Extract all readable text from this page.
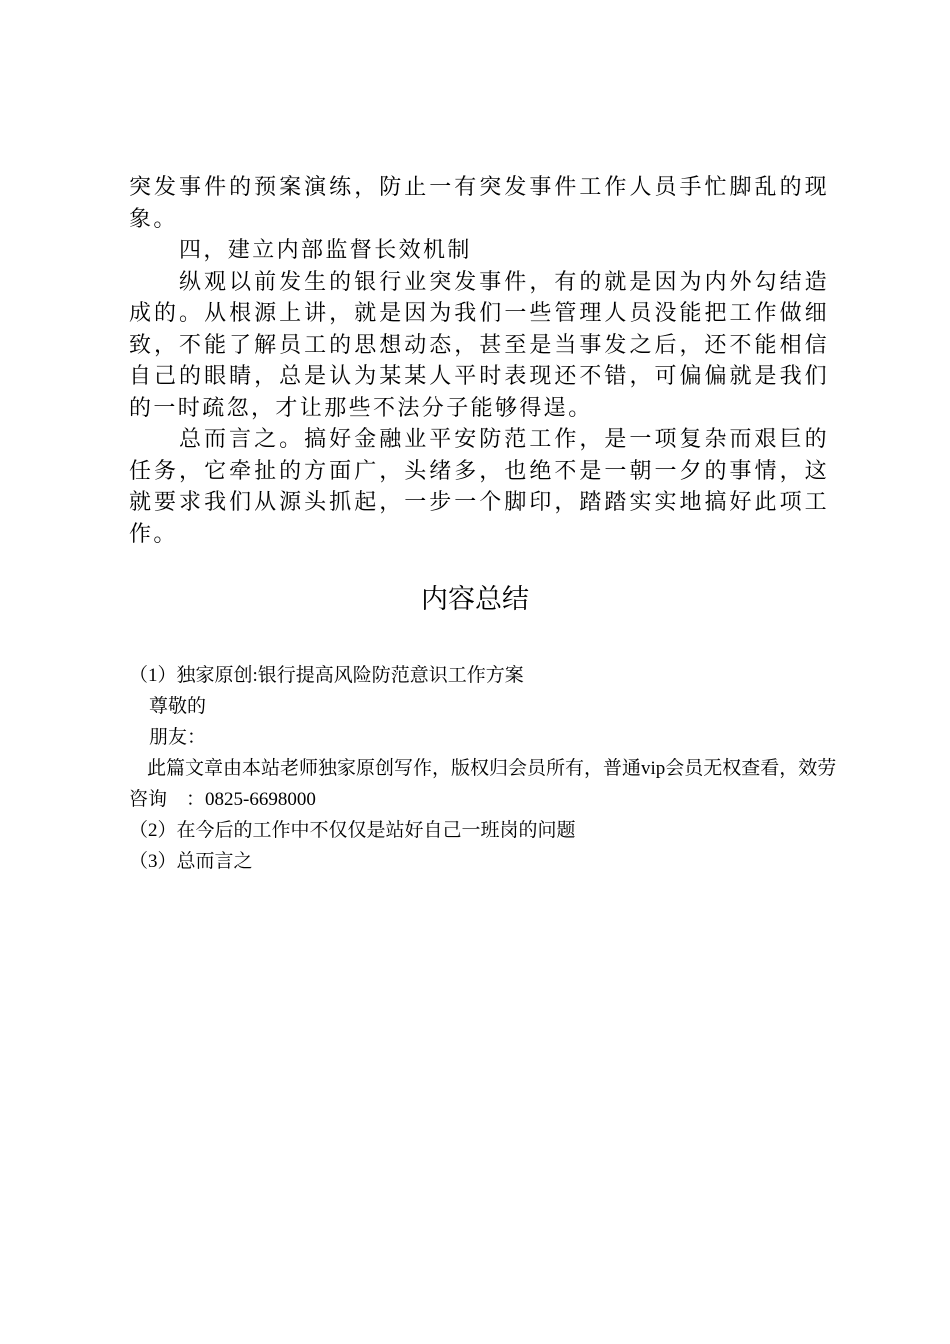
突发事件的预案演练，防止一有突发事件工作人员手忙脚乱的现象。

四，建立内部监督长效机制

纵观以前发生的银行业突发事件，有的就是因为内外勾结造成的。从根源上讲，就是因为我们一些管理人员没能把工作做细致，不能了解员工的思想动态，甚至是当事发之后，还不能相信自己的眼睛，总是认为某某人平时表现还不错，可偏偏就是我们的一时疏忽，才让那些不法分子能够得逞。

总而言之。搞好金融业平安防范工作，是一项复杂而艰巨的任务，它牵扯的方面广，头绪多，也绝不是一朝一夕的事情，这就要求我们从源头抓起，一步一个脚印，踏踏实实地搞好此项工作。

内容总结

（1）独家原创:银行提高风险防范意识工作方案

尊敬的

朋友：

此篇文章由本站老师独家原创写作，版权归会员所有，普通vip会员无权查看，效劳咨询　：0825-6698000

（2）在今后的工作中不仅仅是站好自己一班岗的问题

（3）总而言之
